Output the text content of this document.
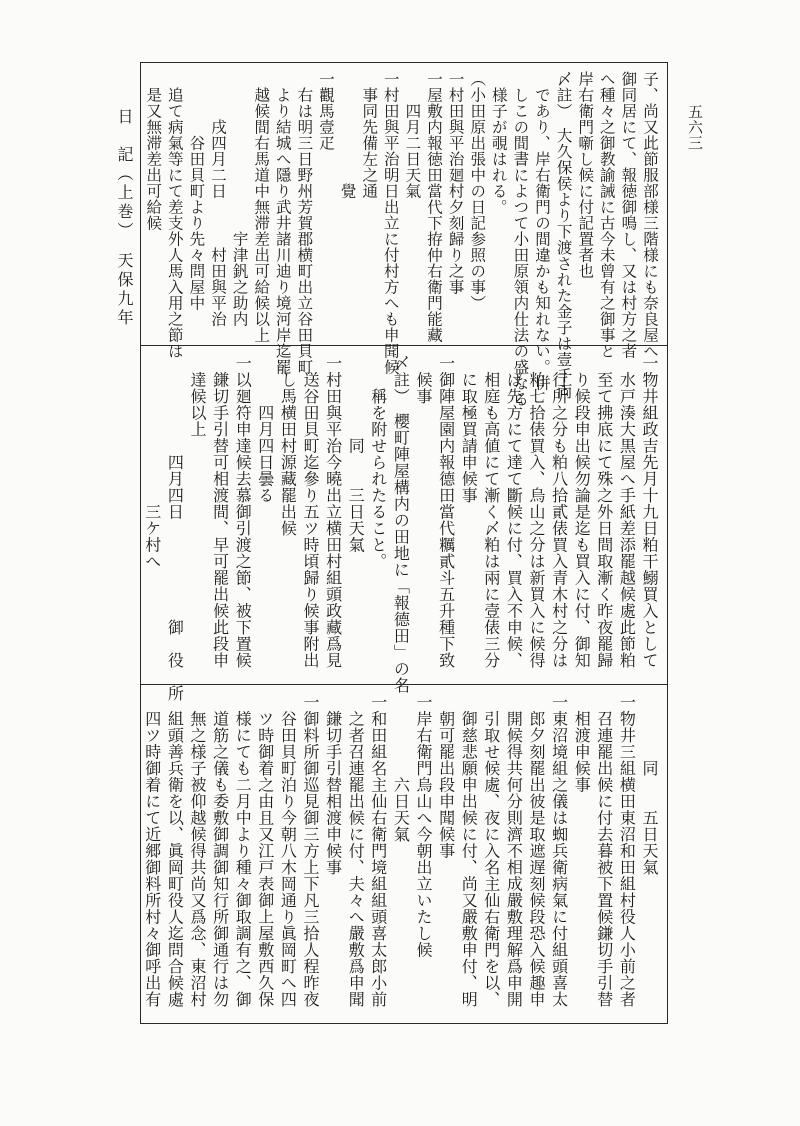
日　記（上巻）　天保九年	五六三
子、尚又此節服部様三階様にも奈良屋へ
御同居にて、報徳御鳴し、又は村方之者
へ種々之御教諭誡に古今未曾有之御事と
岸右衛門噺し候に付記置者也
〆註）　大久保侯より下渡された金子は壹千両
　であり、岸右衛門の間違かも知れない。併
　しこの間書によつて小田原領内仕法の盛なる
　様子が覗はれる。
（小田原出張中の日記参照の事）
一村田與平治廻村夕刻歸り之事
一屋敷内報徳田當代下拵仲右衛門能藏
　　四月二日天氣
一村田與平治明日出立に付村方へも申聞候
　事同先備左之通
　　　　　　　覺
一觀馬壹疋
　右は明三日野州芳賀郡横町出立谷田貝町
　より結城へ隱り武井諸川迪り境河岸迄罷
　越候間右馬道中無滞差出可給候以上
　　　　　　　　　　宇津釩之助内
　　　戌四月二日　　　村田與平治
　　　　谷田貝町より先々問屋中
　追て病氣等にて差支外人馬入用之節は
　是又無滞差出可給候
一物井組政吉先月十九日粕干鰯買入として
　水戸湊大黒屋へ手紙差添罷越候處此節粕
　至て拂底にて殊之外日間取漸く昨夜罷歸
　り候段申出候勿論是迄も買入に付、御知
　行所之分も粕八拾貳俵買入青木村之分は
　粕七拾俵買入、烏山之分は新買入に候得
　ば先方にて達て斷候に付、買入不申候、
　相庭も高値にて漸く〆粕は兩に壹俵三分
　に取極買請申候事
一御陣屋園内報德田當代糲貳斗五升種下致
　候事
〆註）　櫻町陣屋構内の田地に「報德田」の名
　　稱を附せられたること。
　　　　　同　　三日天氣
一村田與平治今曉出立横田村組頭政藏爲見
　送谷田貝町迄參り五ツ時頃歸り候事附出
　し馬横田村源藏罷出候
　　　四月四日曇る
一以廻符申達候去慕御引渡之節、被下置候
　鎌切手引替可相渡間、早可罷出候此段申
　達候以上
　　　　　　四月四日　　　　　　御　役　所
　　　　　　　　　三ケ村へ
　　　　同　　五日天氣
一物井三組横田東沼和田組村役人小前之者
　召連罷出候に付去暮被下置候鎌切手引替
　相渡申候事
一東沼境組之儀は蜘兵衛病氣に付組頭喜太
　郎夕刻罷出彼是取遮遅刻候段恐入候趣申
　開候得共何分則濟不相成嚴敷理解爲申開
　引取せ候處、夜に入名主仙右衛門を以、
　御慈悲願申出候に付、尚又嚴敷申付、明
　朝可罷出段申聞候事
一岸右衛門烏山へ今朝出立いたし候
　　　　　六日天氣
一和田組名主仙右衛門境組組頭喜太郎小前
　之者召連罷出候に付、夫々へ嚴敷爲申聞
　鎌切手引替相渡申候事
一御料所御巡見御三方上下凡三拾人程昨夜
　谷田貝町泊り今朝八木岡通り眞岡町へ四
　ツ時御着之由且又江戸表御上屋敷西久保
　様にても二月中より種々御取調有之、御
　道筋之儀も委敷御調御知行所御通行は勿
　無之様子被仰越候得共尚又爲念、東沼村
　組頭善兵衛を以、眞岡町役人迄問合候處
　四ツ時御着にて近郷御料所村々御呼出有
